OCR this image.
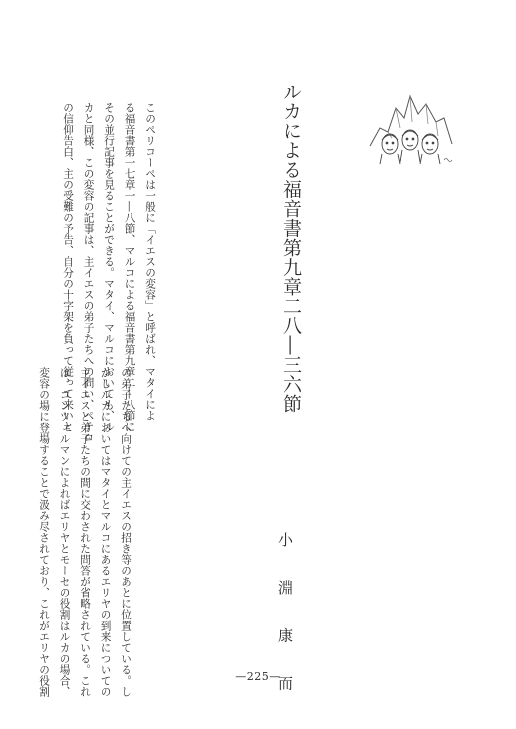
ルカによる福音書第九章二八―三六節
小 淵 康 而
このペリコーペは一般に「イエスの変容」と呼ばれ、マタイによ
る福音書第一七章一―八節、マルコによる福音書第九章二―八節に
その並行記事を見ることができる。マタイ、マルコにおいても、ル
カと同様、この変容の記事は、主イエスの弟子たちへの問い、ペテロ
の信仰告白、主の受難の予告、自分の十字架を負って従って来いと
の弟子たちへ向けての主イエスの招き等のあとに位置している。し
かしルカにおいてはマタイとマルコにあるエリヤの到来についての
主イエスと弟子たちの間に交わされた問答が省略されている。これ
は、コンツェルマンによればエリヤとモーセの役割はルカの場合、
変容の場に登場することで汲み尽されており、これがエリヤの役割	—225—
